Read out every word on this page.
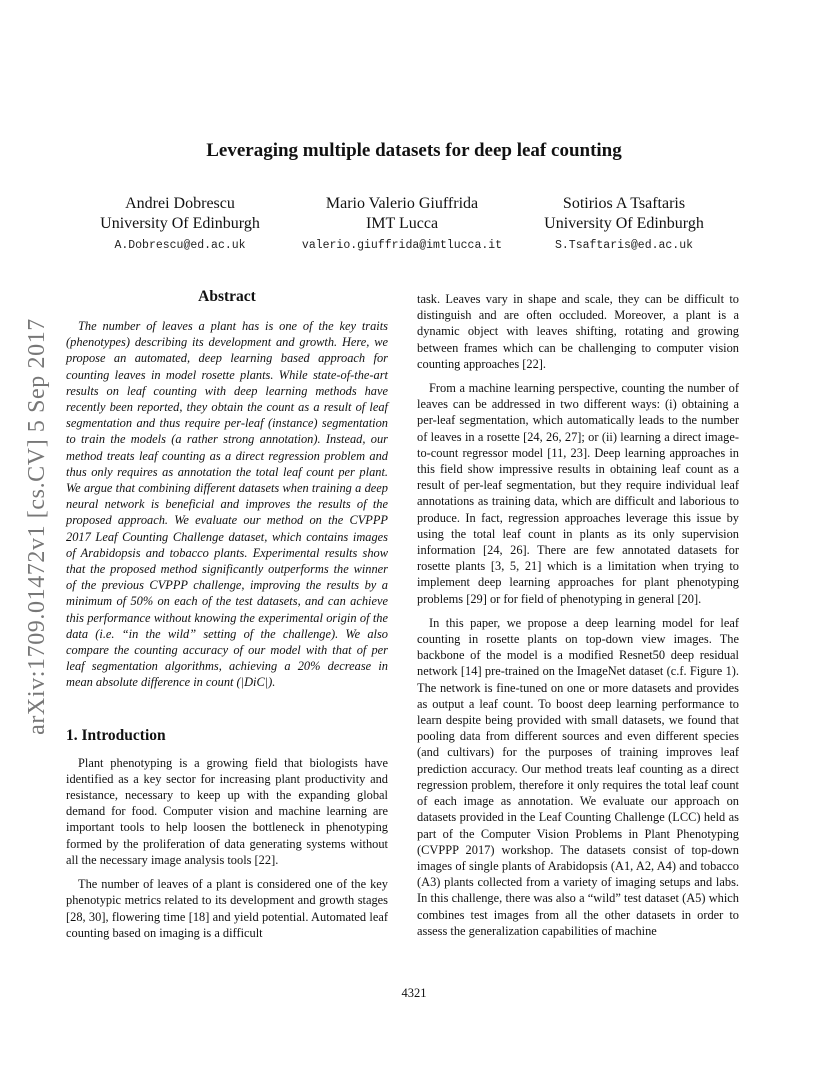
arXiv:1709.01472v1 [cs.CV] 5 Sep 2017
Leveraging multiple datasets for deep leaf counting
Andrei Dobrescu
University Of Edinburgh
A.Dobrescu@ed.ac.uk
Mario Valerio Giuffrida
IMT Lucca
valerio.giuffrida@imtlucca.it
Sotirios A Tsaftaris
University Of Edinburgh
S.Tsaftaris@ed.ac.uk
Abstract

The number of leaves a plant has is one of the key traits (phenotypes) describing its development and growth. Here, we propose an automated, deep learning based approach for counting leaves in model rosette plants. While state-of-the-art results on leaf counting with deep learning methods have recently been reported, they obtain the count as a result of leaf segmentation and thus require per-leaf (instance) segmentation to train the models (a rather strong annotation). Instead, our method treats leaf counting as a direct regression problem and thus only requires as annotation the total leaf count per plant. We argue that combining different datasets when training a deep neural network is beneficial and improves the results of the proposed approach. We evaluate our method on the CVPPP 2017 Leaf Counting Challenge dataset, which contains images of Arabidopsis and tobacco plants. Experimental results show that the proposed method significantly outperforms the winner of the previous CVPPP challenge, improving the results by a minimum of 50% on each of the test datasets, and can achieve this performance without knowing the experimental origin of the data (i.e. “in the wild” setting of the challenge). We also compare the counting accuracy of our model with that of per leaf segmentation algorithms, achieving a 20% decrease in mean absolute difference in count (|DiC|).

1. Introduction

Plant phenotyping is a growing field that biologists have identified as a key sector for increasing plant productivity and resistance, necessary to keep up with the expanding global demand for food. Computer vision and machine learning are important tools to help loosen the bottleneck in phenotyping formed by the proliferation of data generating systems without all the necessary image analysis tools [22].

The number of leaves of a plant is considered one of the key phenotypic metrics related to its development and growth stages [28, 30], flowering time [18] and yield potential. Automated leaf counting based on imaging is a difficult

task. Leaves vary in shape and scale, they can be difficult to distinguish and are often occluded. Moreover, a plant is a dynamic object with leaves shifting, rotating and growing between frames which can be challenging to computer vision counting approaches [22].

From a machine learning perspective, counting the number of leaves can be addressed in two different ways: (i) obtaining a per-leaf segmentation, which automatically leads to the number of leaves in a rosette [24, 26, 27]; or (ii) learning a direct image-to-count regressor model [11, 23]. Deep learning approaches in this field show impressive results in obtaining leaf count as a result of per-leaf segmentation, but they require individual leaf annotations as training data, which are difficult and laborious to produce. In fact, regression approaches leverage this issue by using the total leaf count in plants as its only supervision information [24, 26]. There are few annotated datasets for rosette plants [3, 5, 21] which is a limitation when trying to implement deep learning approaches for plant phenotyping problems [29] or for field of phenotyping in general [20].

In this paper, we propose a deep learning model for leaf counting in rosette plants on top-down view images. The backbone of the model is a modified Resnet50 deep residual network [14] pre-trained on the ImageNet dataset (c.f. Figure 1). The network is fine-tuned on one or more datasets and provides as output a leaf count. To boost deep learning performance to learn despite being provided with small datasets, we found that pooling data from different sources and even different species (and cultivars) for the purposes of training improves leaf prediction accuracy. Our method treats leaf counting as a direct regression problem, therefore it only requires the total leaf count of each image as annotation. We evaluate our approach on datasets provided in the Leaf Counting Challenge (LCC) held as part of the Computer Vision Problems in Plant Phenotyping (CVPPP 2017) workshop. The datasets consist of top-down images of single plants of Arabidopsis (A1, A2, A4) and tobacco (A3) plants collected from a variety of imaging setups and labs. In this challenge, there was also a “wild” test dataset (A5) which combines test images from all the other datasets in order to assess the generalization capabilities of machine

4321
